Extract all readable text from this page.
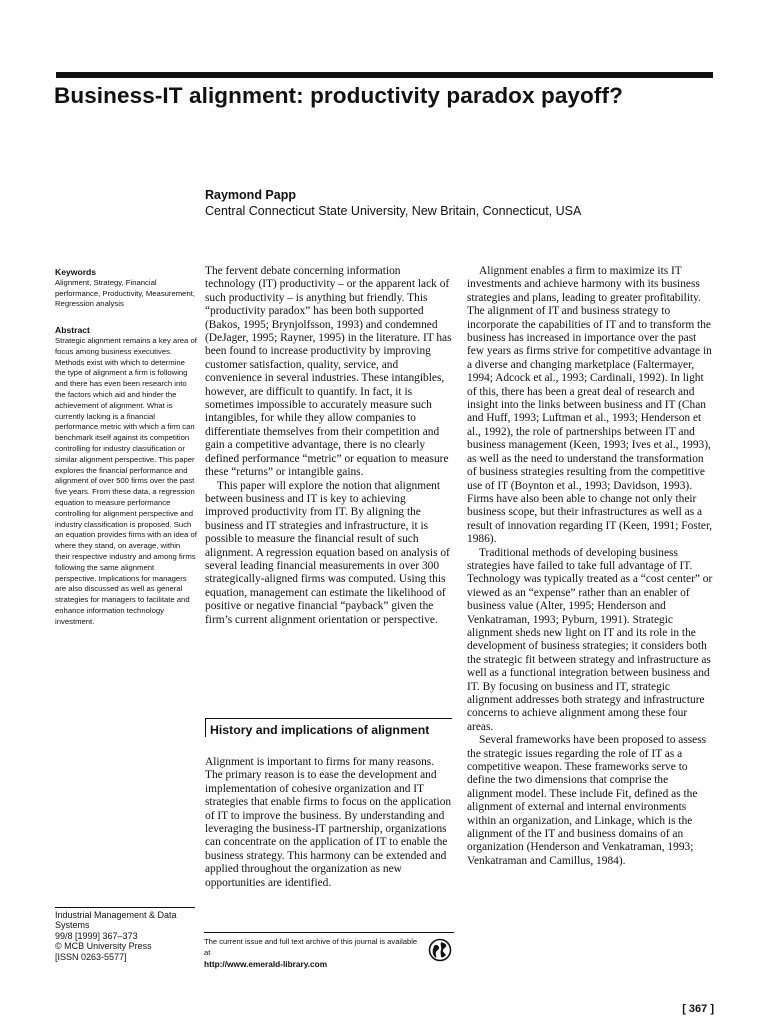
Business-IT alignment: productivity paradox payoff?
Raymond Papp
Central Connecticut State University, New Britain, Connecticut, USA
Keywords

Alignment, Strategy, Financial performance, Productivity, Measurement, Regression analysis

Abstract

Strategic alignment remains a key area of focus among business executives. Methods exist with which to determine the type of alignment a firm is following and there has even been research into the factors which aid and hinder the achievement of alignment. What is currently lacking is a financial performance metric with which a firm can benchmark itself against its competition controlling for industry classification or similar alignment perspective. This paper explores the financial performance and alignment of over 500 firms over the past five years. From these data, a regression equation to measure performance controlling for alignment perspective and industry classification is proposed. Such an equation provides firms with an idea of where they stand, on average, within their respective industry and among firms following the same alignment perspective. Implications for managers are also discussed as well as general strategies for managers to facilitate and enhance information technology investment.

The fervent debate concerning information technology (IT) productivity – or the apparent lack of such productivity – is anything but friendly. This “productivity paradox” has been both supported (Bakos, 1995; Brynjolfsson, 1993) and condemned (DeJager, 1995; Rayner, 1995) in the literature. IT has been found to increase productivity by improving customer satisfaction, quality, service, and convenience in several industries. These intangibles, however, are difficult to quantify. In fact, it is sometimes impossible to accurately measure such intangibles, for while they allow companies to differentiate themselves from their competition and gain a competitive advantage, there is no clearly defined performance “metric” or equation to measure these “returns” or intangible gains.

This paper will explore the notion that alignment between business and IT is key to achieving improved productivity from IT. By aligning the business and IT strategies and infrastructure, it is possible to measure the financial result of such alignment. A regression equation based on analysis of several leading financial measurements in over 300 strategically-aligned firms was computed. Using this equation, management can estimate the likelihood of positive or negative financial “payback” given the firm’s current alignment orientation or perspective.

History and implications of alignment

Alignment is important to firms for many reasons. The primary reason is to ease the development and implementation of cohesive organization and IT strategies that enable firms to focus on the application of IT to improve the business. By understanding and leveraging the business-IT partnership, organizations can concentrate on the application of IT to enable the business strategy. This harmony can be extended and applied throughout the organization as new opportunities are identified.

Alignment enables a firm to maximize its IT investments and achieve harmony with its business strategies and plans, leading to greater profitability. The alignment of IT and business strategy to incorporate the capabilities of IT and to transform the business has increased in importance over the past few years as firms strive for competitive advantage in a diverse and changing marketplace (Faltermayer, 1994; Adcock et al., 1993; Cardinali, 1992). In light of this, there has been a great deal of research and insight into the links between business and IT (Chan and Huff, 1993; Luftman et al., 1993; Henderson et al., 1992), the role of partnerships between IT and business management (Keen, 1993; Ives et al., 1993), as well as the need to understand the transformation of business strategies resulting from the competitive use of IT (Boynton et al., 1993; Davidson, 1993). Firms have also been able to change not only their business scope, but their infrastructures as well as a result of innovation regarding IT (Keen, 1991; Foster, 1986).

Traditional methods of developing business strategies have failed to take full advantage of IT. Technology was typically treated as a “cost center” or viewed as an “expense” rather than an enabler of business value (Alter, 1995; Henderson and Venkatraman, 1993; Pyburn, 1991). Strategic alignment sheds new light on IT and its role in the development of business strategies; it considers both the strategic fit between strategy and infrastructure as well as a functional integration between business and IT. By focusing on business and IT, strategic alignment addresses both strategy and infrastructure concerns to achieve alignment among these four areas.

Several frameworks have been proposed to assess the strategic issues regarding the role of IT as a competitive weapon. These frameworks serve to define the two dimensions that comprise the alignment model. These include Fit, defined as the alignment of external and internal environments within an organization, and Linkage, which is the alignment of the IT and business domains of an organization (Henderson and Venkatraman, 1993; Venkatraman and Camillus, 1984).

Industrial Management & Data Systems

99/8 [1999] 367–373

© MCB University Press

[ISSN 0263-5577]

The current issue and full text archive of this journal is available at
http://www.emerald-library.com
[ 367 ]
